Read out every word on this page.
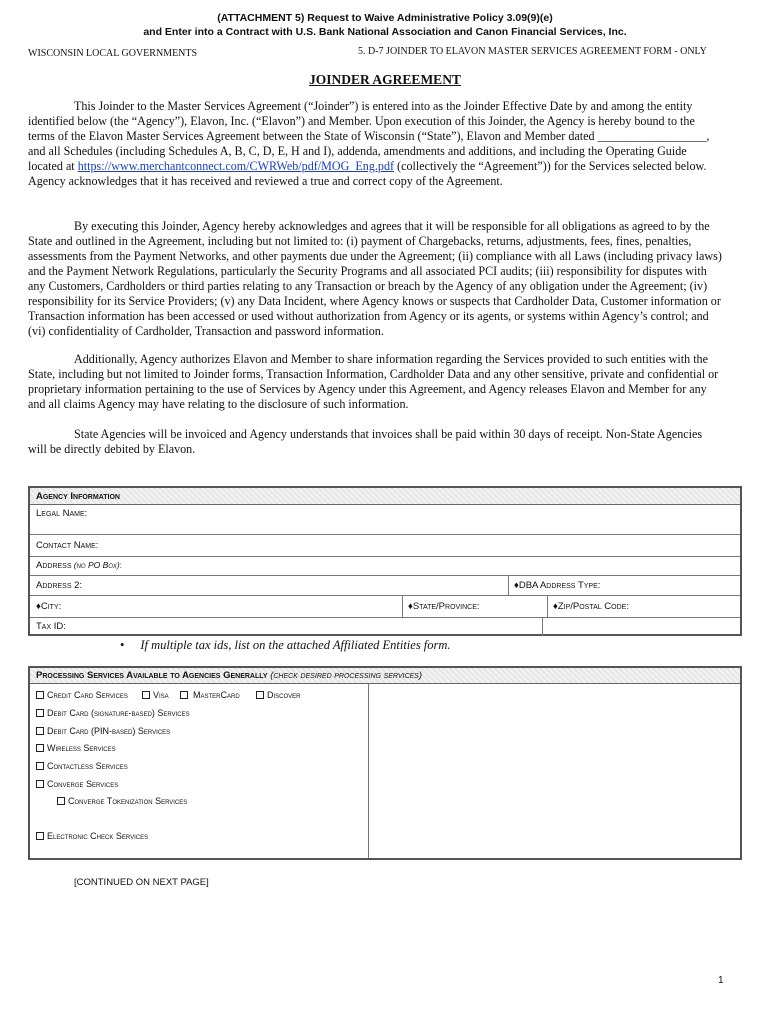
(ATTACHMENT 5) Request to Waive Administrative Policy 3.09(9)(e)
and Enter into a Contract with U.S. Bank National Association and Canon Financial Services, Inc.
WISCONSIN LOCAL GOVERNMENTS	5. D-7 JOINDER TO ELAVON MASTER SERVICES AGREEMENT FORM - ONLY
JOINDER AGREEMENT

This Joinder to the Master Services Agreement (“Joinder”) is entered into as the Joinder Effective Date by and among the entity identified below (the “Agency”), Elavon, Inc. (“Elavon”) and Member. Upon execution of this Joinder, the Agency is hereby bound to the terms of the Elavon Master Services Agreement between the State of Wisconsin (“State”), Elavon and Member dated __________________, and all Schedules (including Schedules A, B, C, D, E, H and I), addenda, amendments and additions, and including the Operating Guide located at https://www.merchantconnect.com/CWRWeb/pdf/MOG_Eng.pdf (collectively the “Agreement”)) for the Services selected below. Agency acknowledges that it has received and reviewed a true and correct copy of the Agreement.

By executing this Joinder, Agency hereby acknowledges and agrees that it will be responsible for all obligations as agreed to by the State and outlined in the Agreement, including but not limited to: (i) payment of Chargebacks, returns, adjustments, fees, fines, penalties, assessments from the Payment Networks, and other payments due under the Agreement; (ii) compliance with all Laws (including privacy laws) and the Payment Network Regulations, particularly the Security Programs and all associated PCI audits; (iii) responsibility for disputes with any Customers, Cardholders or third parties relating to any Transaction or breach by the Agency of any obligation under the Agreement; (iv) responsibility for its Service Providers; (v) any Data Incident, where Agency knows or suspects that Cardholder Data, Customer information or Transaction information has been accessed or used without authorization from Agency or its agents, or systems within Agency’s control; and (vi) confidentiality of Cardholder, Transaction and password information.

Additionally, Agency authorizes Elavon and Member to share information regarding the Services provided to such entities with the State, including but not limited to Joinder forms, Transaction Information, Cardholder Data and any other sensitive, private and confidential or proprietary information pertaining to the use of Services by Agency under this Agreement, and Agency releases Elavon and Member for any and all claims Agency may have relating to the disclosure of such information.

State Agencies will be invoiced and Agency understands that invoices shall be paid within 30 days of receipt. Non-State Agencies will be directly debited by Elavon.

Agency Information
Legal Name:
Contact Name:
Address (no PO Box):
Address 2:	♦DBA Address Type:
♦City:	♦State/Province:	♦Zip/Postal Code:
Tax ID:
• If multiple tax ids, list on the attached Affiliated Entities form.
Processing Services Available to Agencies Generally (check desired processing services)
Credit Card Services	Visa	MasterCard	Discover
Debit Card (signature-based) Services
Debit Card (PIN-based) Services
Wireless Services
Contactless Services
Converge Services
Converge Tokenization Services
Electronic Check Services
[CONTINUED ON NEXT PAGE]
1
